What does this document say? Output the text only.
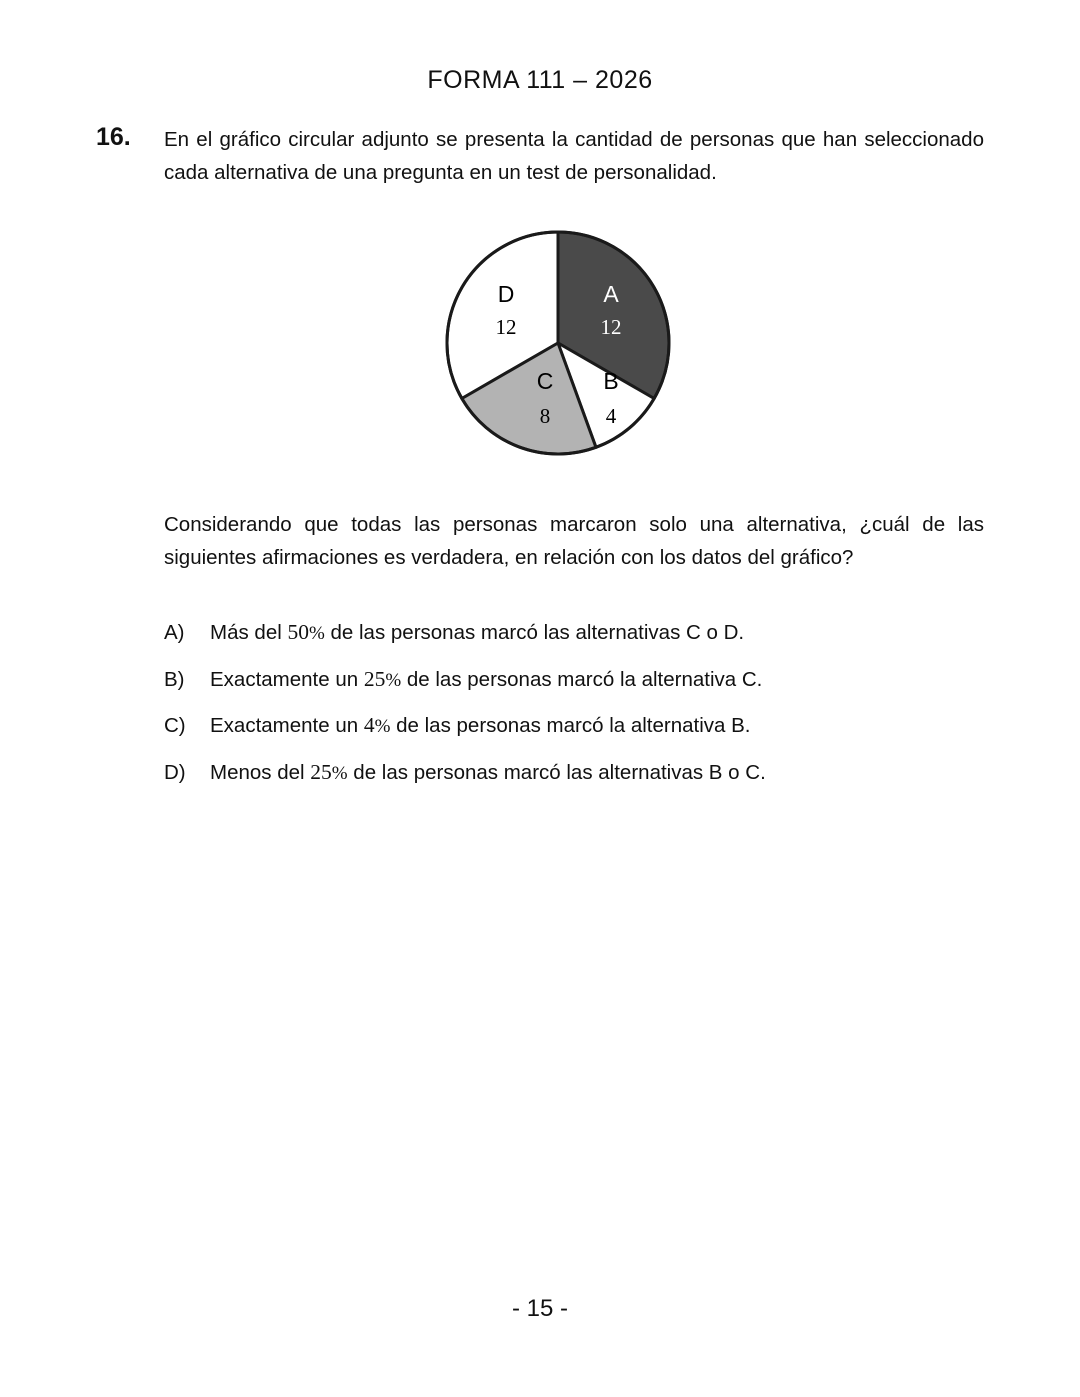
FORMA 111 – 2026
16.	En el gráfico circular adjunto se presenta la cantidad de personas que han seleccionado cada alternativa de una pregunta en un test de personalidad.
A
12
B
4
C
8
D
12
Considerando que todas las personas marcaron solo una alternativa, ¿cuál de las siguientes afirmaciones es verdadera, en relación con los datos del gráfico?
A)	Más del 50% de las personas marcó las alternativas C o D.
B)	Exactamente un 25% de las personas marcó la alternativa C.
C)	Exactamente un 4% de las personas marcó la alternativa B.
D)	Menos del 25% de las personas marcó las alternativas B o C.
- 15 -
